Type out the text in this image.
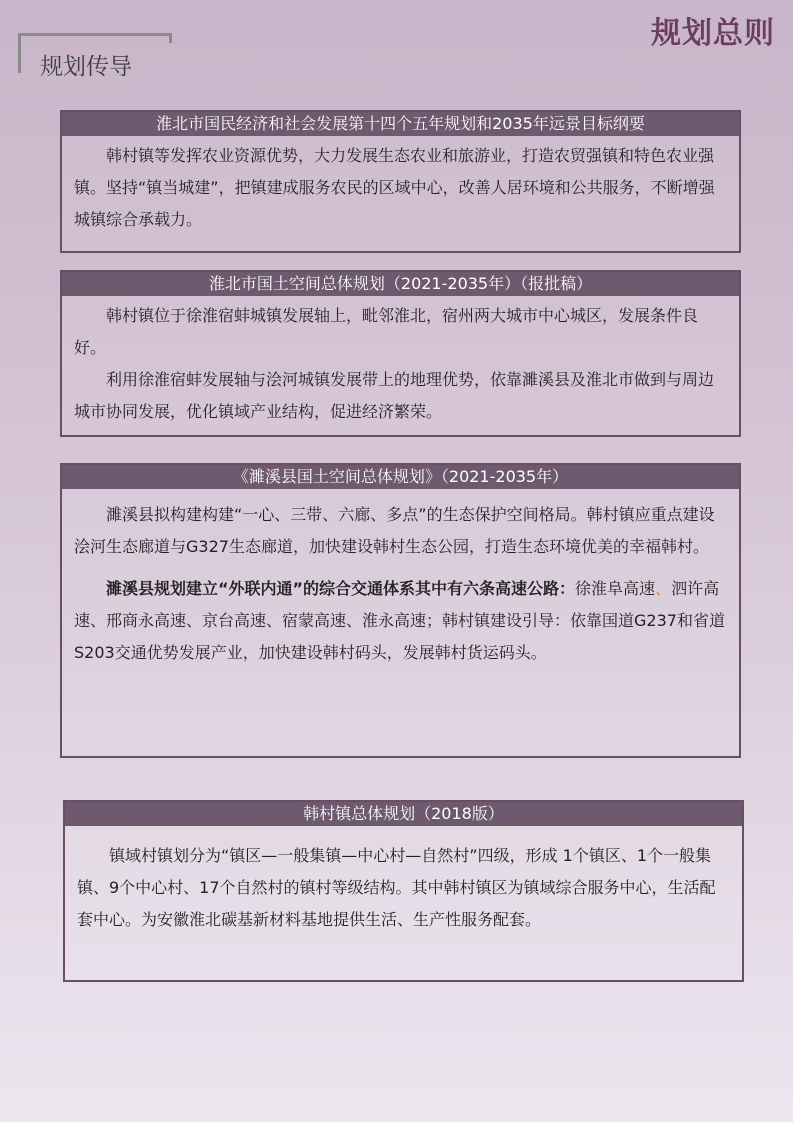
规划总则
规划传导
淮北市国民经济和社会发展第十四个五年规划和2035年远景目标纲要

韩村镇等发挥农业资源优势，大力发展生态农业和旅游业，打造农贸强镇和特色农业强镇。坚持“镇当城建”，把镇建成服务农民的区域中心，改善人居环境和公共服务，不断增强城镇综合承载力。

淮北市国土空间总体规划（2021-2035年）（报批稿）

韩村镇位于徐淮宿蚌城镇发展轴上，毗邻淮北，宿州两大城市中心城区，发展条件良好。

利用徐淮宿蚌发展轴与浍河城镇发展带上的地理优势，依靠濉溪县及淮北市做到与周边城市协同发展，优化镇域产业结构，促进经济繁荣。

《濉溪县国土空间总体规划》（2021-2035年）

濉溪县拟构建构建“一心、三带、六廊、多点”的生态保护空间格局。韩村镇应重点建设浍河生态廊道与G327生态廊道，加快建设韩村生态公园，打造生态环境优美的幸福韩村。

濉溪县规划建立“外联内通”的综合交通体系其中有六条高速公路：徐淮阜高速、泗许高速、邢商永高速、京台高速、宿蒙高速、淮永高速；韩村镇建设引导：依靠国道G237和省道S203交通优势发展产业，加快建设韩村码头，发展韩村货运码头。

韩村镇总体规划（2018版）

镇域村镇划分为“镇区—一般集镇—中心村—自然村”四级，形成 1个镇区、1个一般集镇、9个中心村、17个自然村的镇村等级结构。其中韩村镇区为镇域综合服务中心，生活配套中心。为安徽淮北碳基新材料基地提供生活、生产性服务配套。
